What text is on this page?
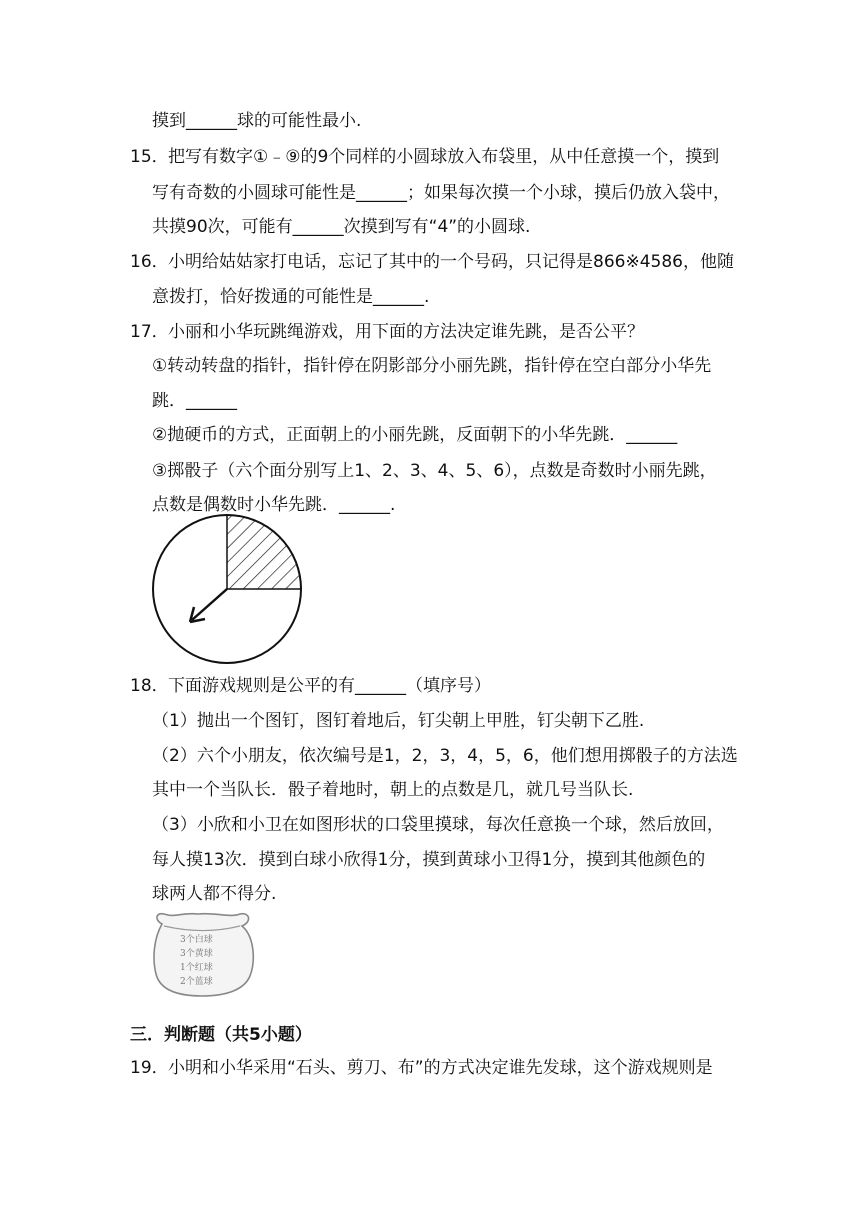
摸到______球的可能性最小.
15． 把写有数字①﹣⑨的9个同样的小圆球放入布袋里，从中任意摸一个，摸到
写有奇数的小圆球可能性是______；如果每次摸一个小球，摸后仍放入袋中，
共摸90次，可能有______次摸到写有“4”的小圆球.
16． 小明给姑姑家打电话，忘记了其中的一个号码，只记得是866※4586，他随
意拨打，恰好拨通的可能性是______.
17． 小丽和小华玩跳绳游戏，用下面的方法决定谁先跳，是否公平？
①转动转盘的指针，指针停在阴影部分小丽先跳，指针停在空白部分小华先
跳．______
②抛硬币的方式，正面朝上的小丽先跳，反面朝下的小华先跳．______
③掷骰子（六个面分别写上1、2、3、4、5、6），点数是奇数时小丽先跳，
点数是偶数时小华先跳．______.
18． 下面游戏规则是公平的有______（填序号）
（1）抛出一个图钉，图钉着地后，钉尖朝上甲胜，钉尖朝下乙胜.
（2）六个小朋友，依次编号是1，2，3，4，5，6，他们想用掷骰子的方法选
其中一个当队长．骰子着地时，朝上的点数是几，就几号当队长.
（3）小欣和小卫在如图形状的口袋里摸球，每次任意换一个球，然后放回，
每人摸13次．摸到白球小欣得1分，摸到黄球小卫得1分，摸到其他颜色的
球两人都不得分.
3个白球
3个黄球
1个红球
2个蓝球
三．判断题（共5小题）
19． 小明和小华采用“石头、剪刀、布”的方式决定谁先发球，这个游戏规则是
